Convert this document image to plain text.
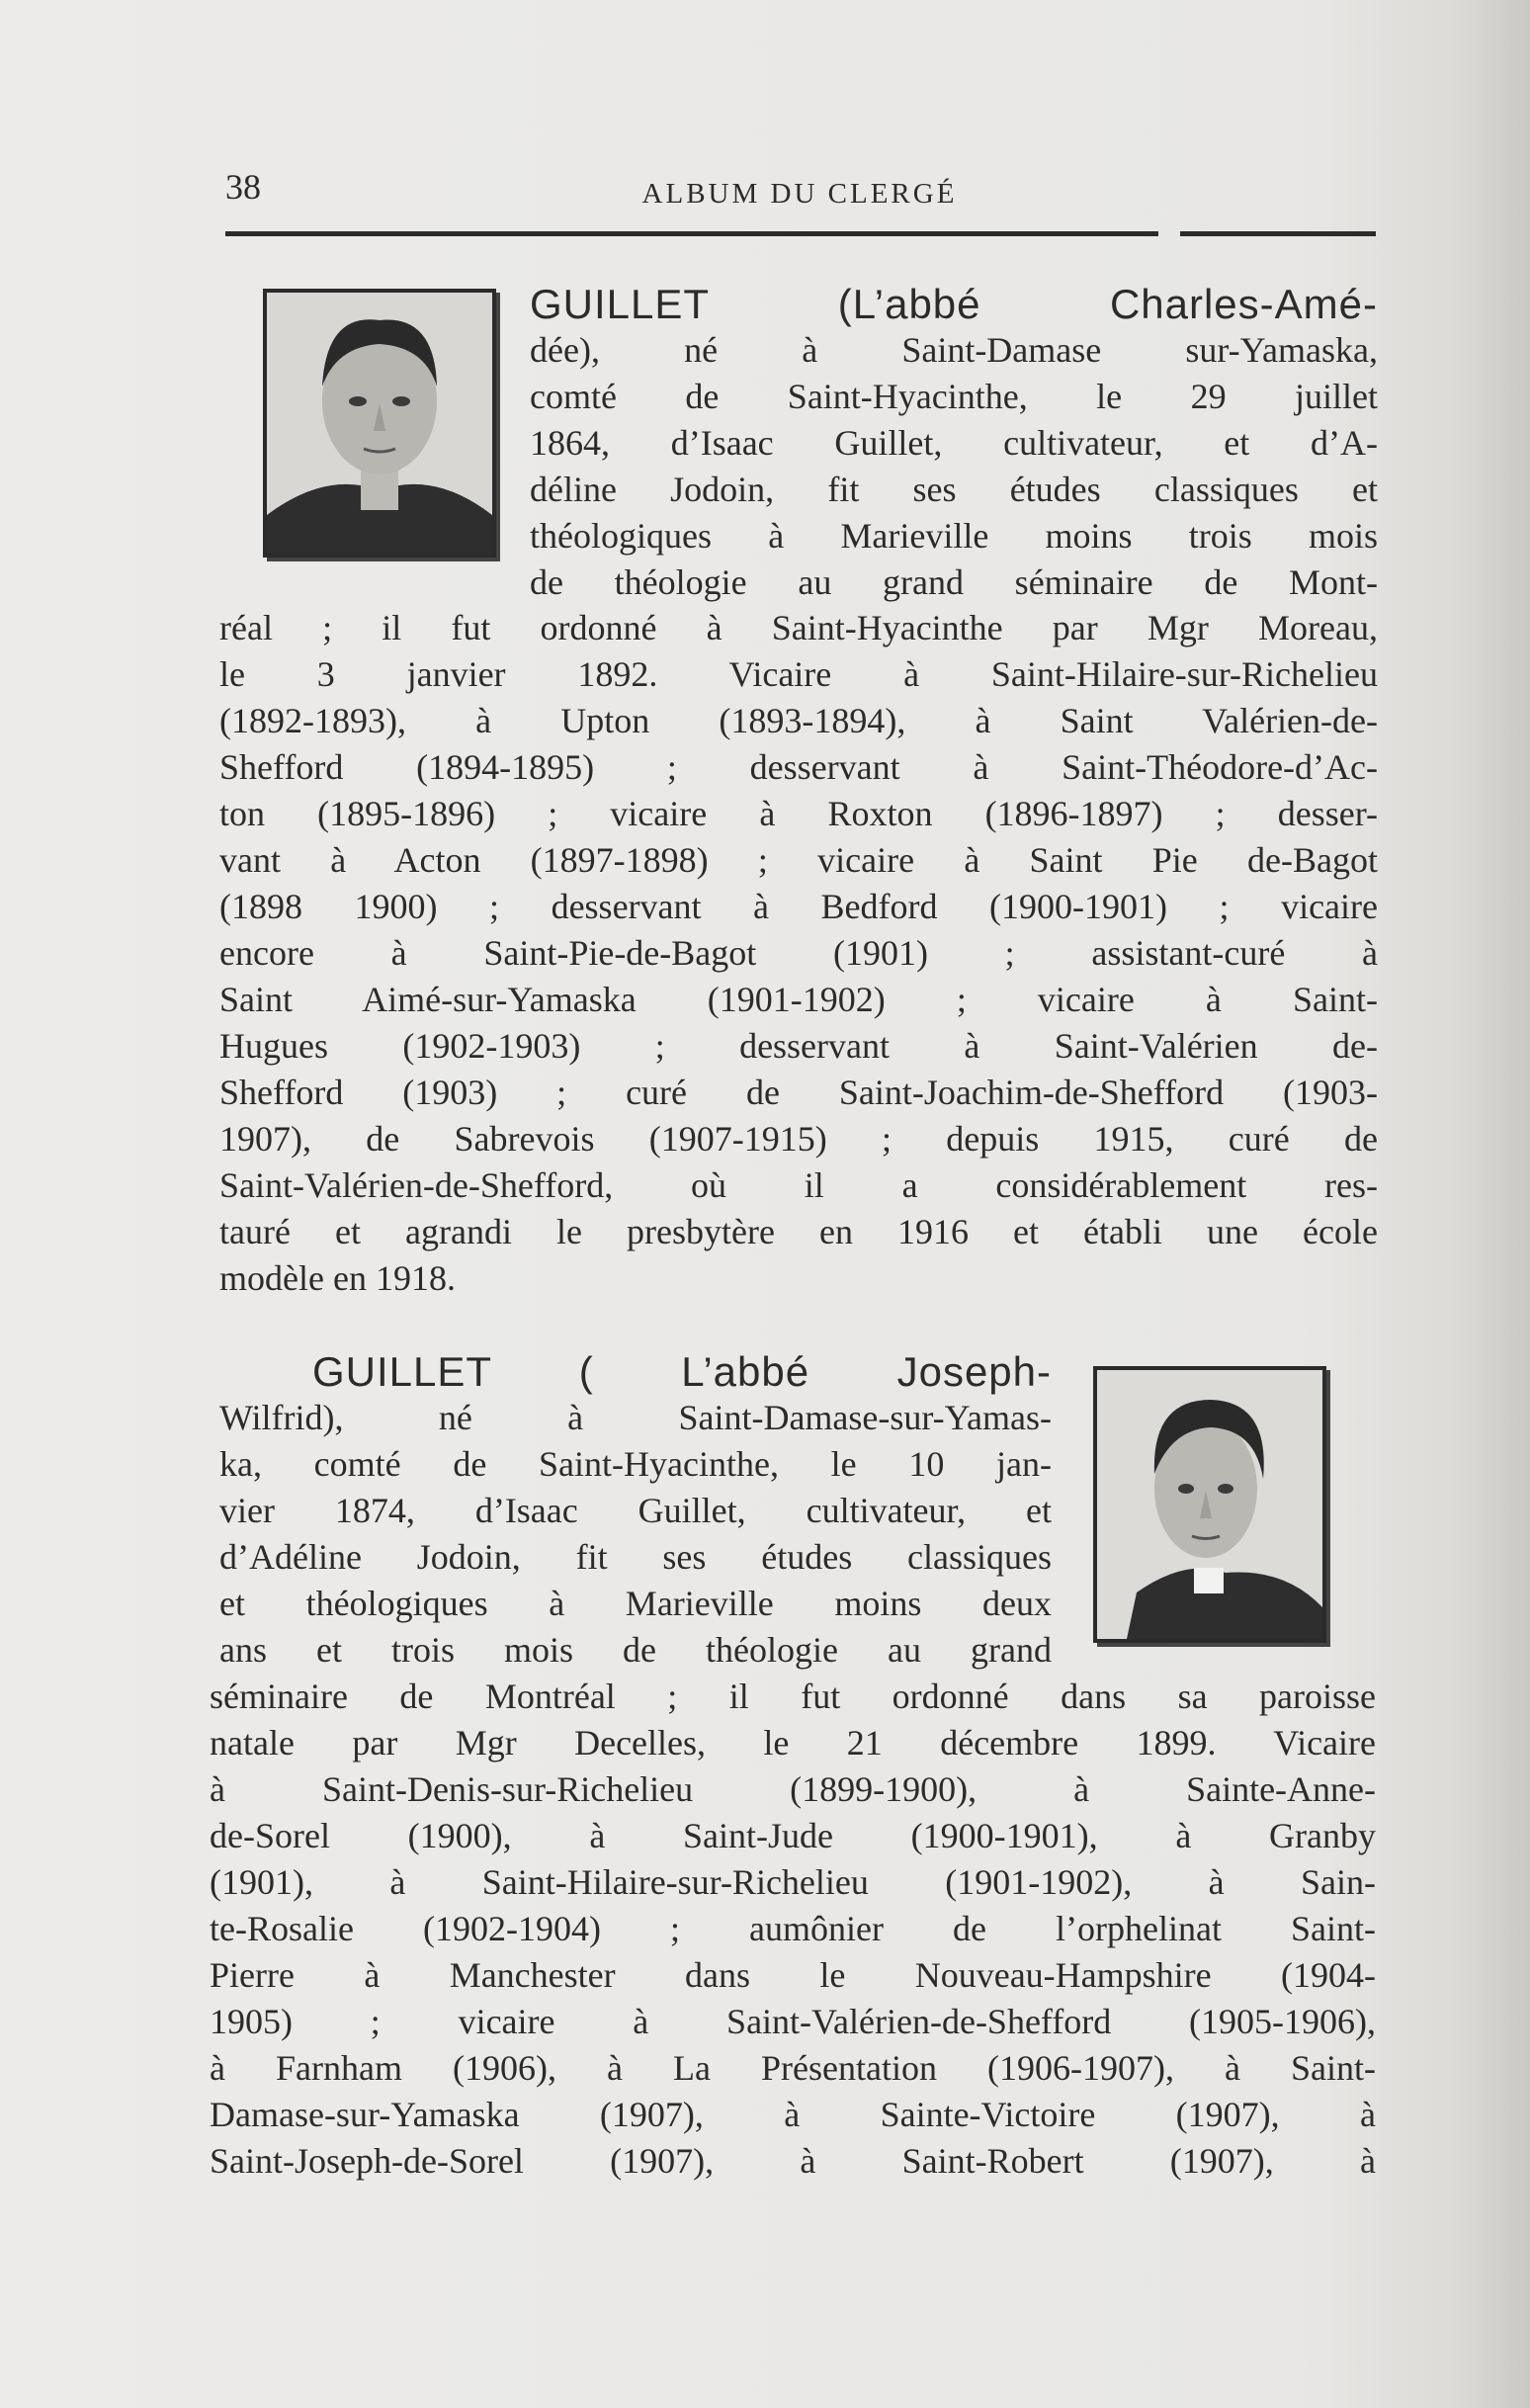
38	ALBUM DU CLERGÉ
GUILLET (L’abbé Charles-Amé-
dée), né à Saint-Damase sur-Yamaska,
comté de Saint-Hyacinthe, le 29 juillet
1864, d’Isaac Guillet, cultivateur, et d’A-
déline Jodoin, fit ses études classiques et
théologiques à Marieville moins trois mois
de théologie au grand séminaire de Mont-
réal ; il fut ordonné à Saint-Hyacinthe par Mgr Moreau,
le 3 janvier 1892. Vicaire à Saint-Hilaire-sur-Richelieu
(1892-1893), à Upton (1893-1894), à Saint Valérien-de-
Shefford (1894-1895) ; desservant à Saint-Théodore-d’Ac-
ton (1895-1896) ; vicaire à Roxton (1896-1897) ; desser-
vant à Acton (1897-1898) ; vicaire à Saint Pie de-Bagot
(1898 1900) ; desservant à Bedford (1900-1901) ; vicaire
encore à Saint-Pie-de-Bagot (1901) ; assistant-curé à
Saint Aimé-sur-Yamaska (1901-1902) ; vicaire à Saint-
Hugues (1902-1903) ; desservant à Saint-Valérien de-
Shefford (1903) ; curé de Saint-Joachim-de-Shefford (1903-
1907), de Sabrevois (1907-1915) ; depuis 1915, curé de
Saint-Valérien-de-Shefford, où il a considérablement res-
tauré et agrandi le presbytère en 1916 et établi une école
modèle en 1918.
GUILLET ( L’abbé Joseph-
Wilfrid), né à Saint-Damase-sur-Yamas-
ka, comté de Saint-Hyacinthe, le 10 jan-
vier 1874, d’Isaac Guillet, cultivateur, et
d’Adéline Jodoin, fit ses études classiques
et théologiques à Marieville moins deux
ans et trois mois de théologie au grand
séminaire de Montréal ; il fut ordonné dans sa paroisse
natale par Mgr Decelles, le 21 décembre 1899. Vicaire
à Saint-Denis-sur-Richelieu (1899-1900), à Sainte-Anne-
de-Sorel (1900), à Saint-Jude (1900-1901), à Granby
(1901), à Saint-Hilaire-sur-Richelieu (1901-1902), à Sain-
te-Rosalie (1902-1904) ; aumônier de l’orphelinat Saint-
Pierre à Manchester dans le Nouveau-Hampshire (1904-
1905) ; vicaire à Saint-Valérien-de-Shefford (1905-1906),
à Farnham (1906), à La Présentation (1906-1907), à Saint-
Damase-sur-Yamaska (1907), à Sainte-Victoire (1907), à
Saint-Joseph-de-Sorel (1907), à Saint-Robert (1907), à
